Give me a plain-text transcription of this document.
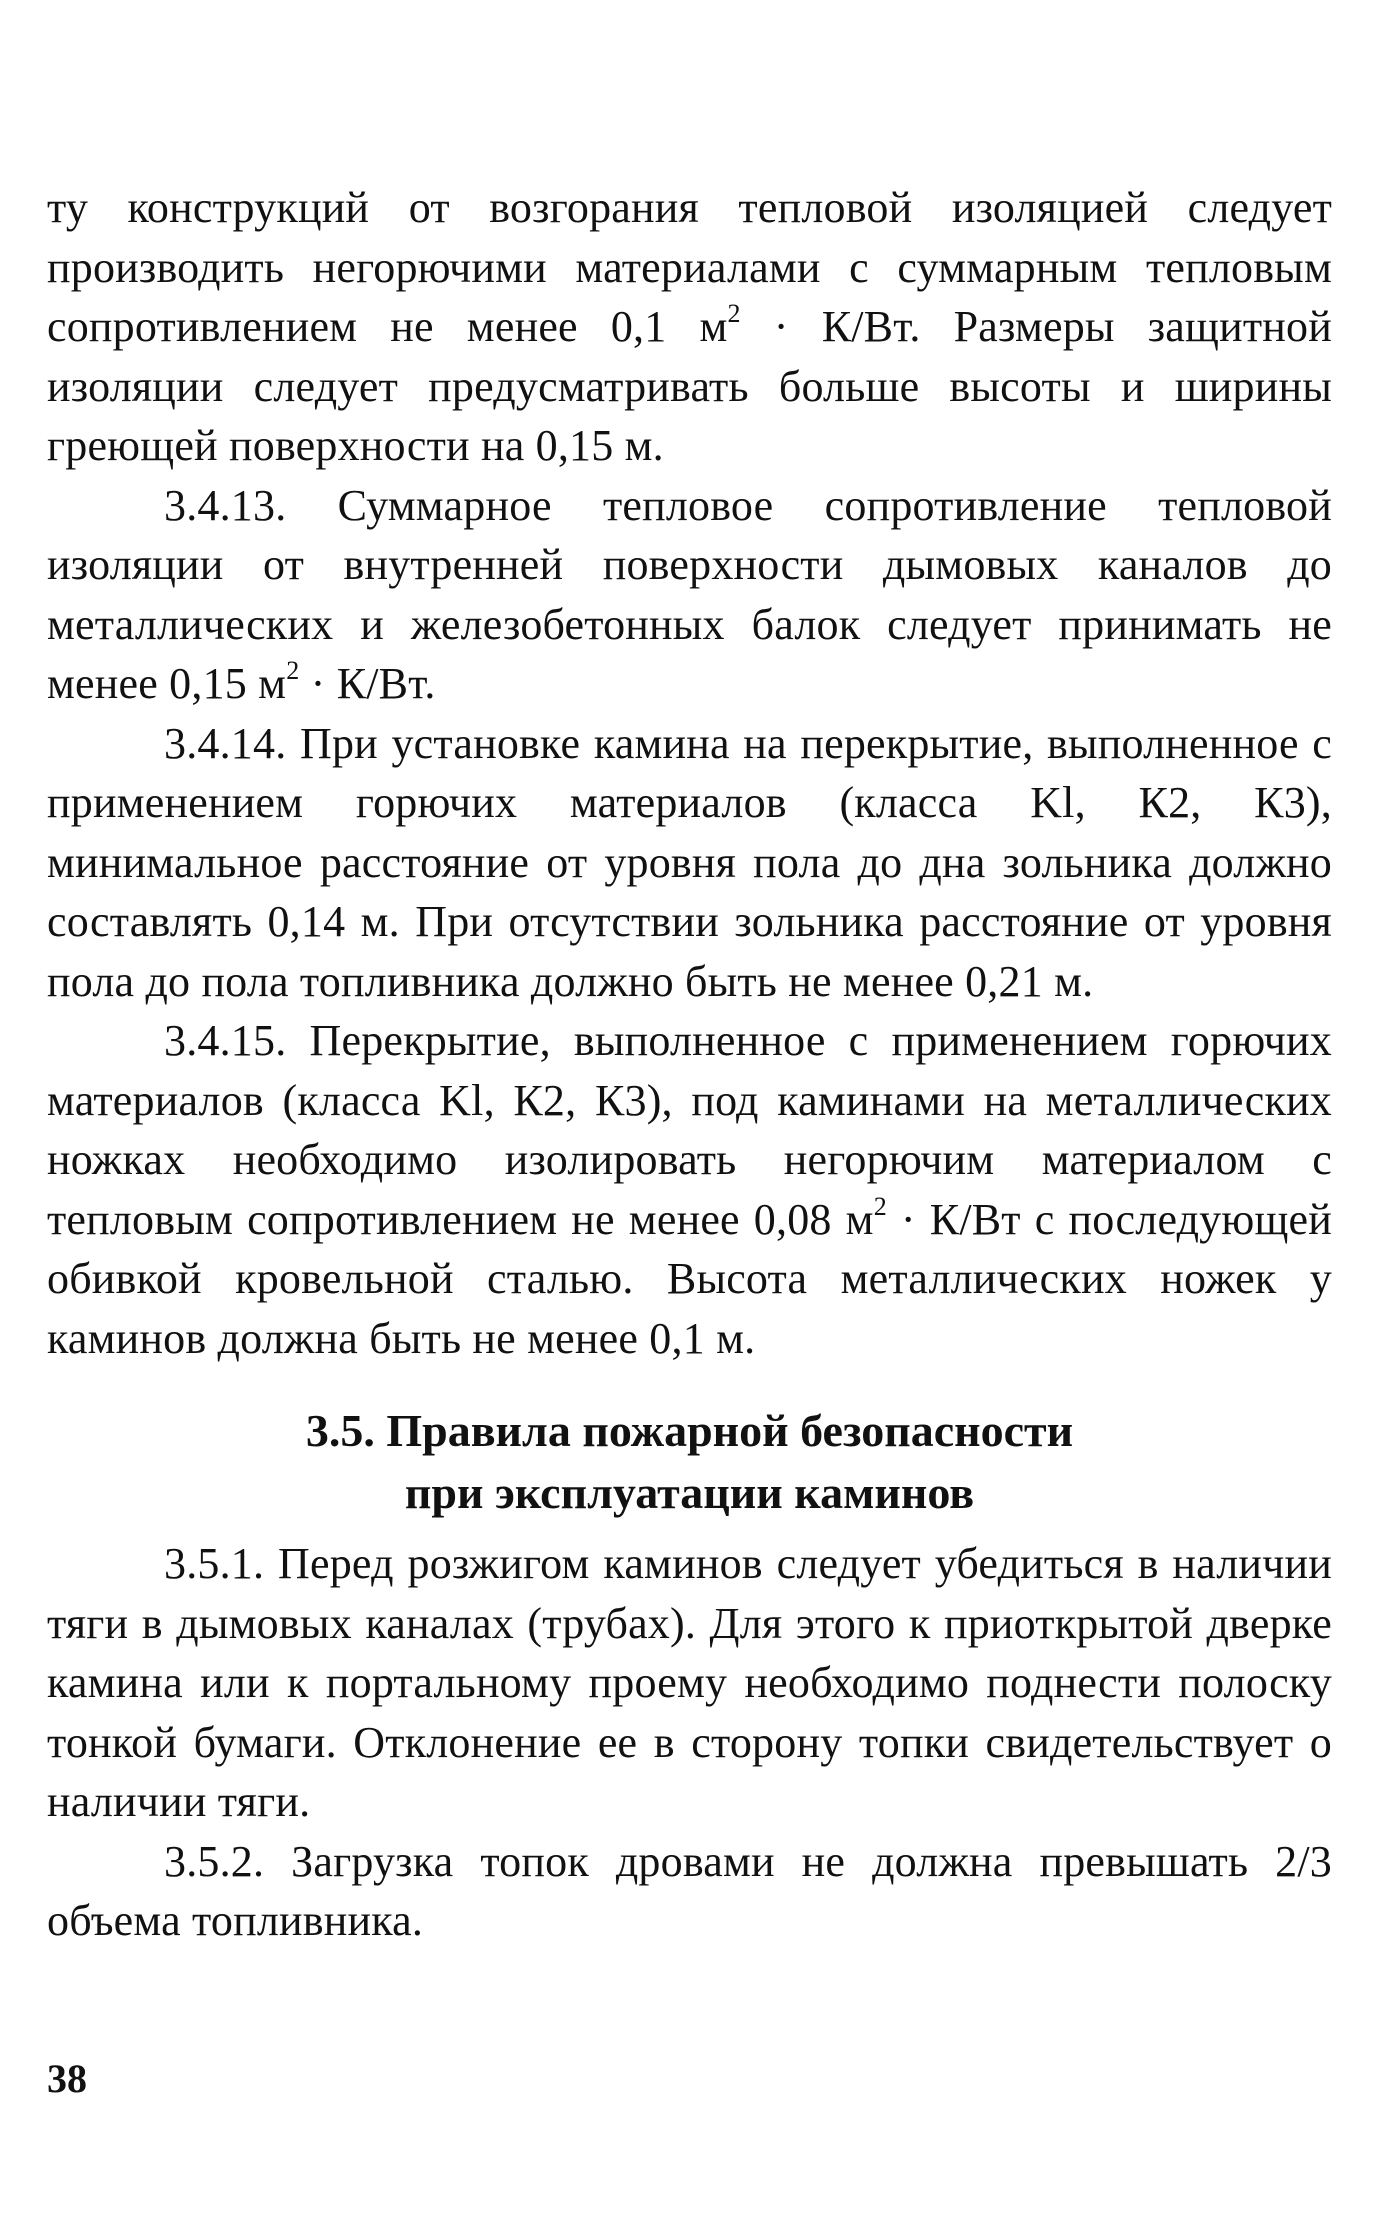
ту конструкций от возгорания тепловой изоляцией следует производить негорючими материалами с суммарным тепловым сопротивлением не менее 0,1 $м^2 \cdot К/Вт$. Размеры защитной изоляции следует предусматривать больше высоты и ширины греющей поверхности на 0,15 м.

3.4.13. Суммарное тепловое сопротивление тепловой изоляции от внутренней поверхности дымовых каналов до металлических и железобетонных балок следует принимать не менее 0,15 $м^2 \cdot К/Вт$.

3.4.14. При установке камина на перекрытие, выполненное с применением горючих материалов (класса Kl, К2, К3), минимальное расстояние от уровня пола до дна зольника должно составлять 0,14 м. При отсутствии зольника расстояние от уровня пола до пола топливника должно быть не менее 0,21 м.

3.4.15. Перекрытие, выполненное с применением горючих материалов (класса Kl, К2, К3), под каминами на металлических ножках необходимо изолировать негорючим материалом с тепловым сопротивлением не менее 0,08 $м^2 \cdot К/Вт$ с последующей обивкой кровельной сталью. Высота металлических ножек у каминов должна быть не менее 0,1 м.

3.5. Правила пожарной безопасности
при эксплуатации каминов

3.5.1. Перед розжигом каминов следует убедиться в наличии тяги в дымовых каналах (трубах). Для этого к приоткрытой дверке камина или к портальному проему необходимо поднести полоску тонкой бумаги. Отклонение ее в сторону топки свидетельствует о наличии тяги.

3.5.2. Загрузка топок дровами не должна превышать 2/3 объема топливника.

38
